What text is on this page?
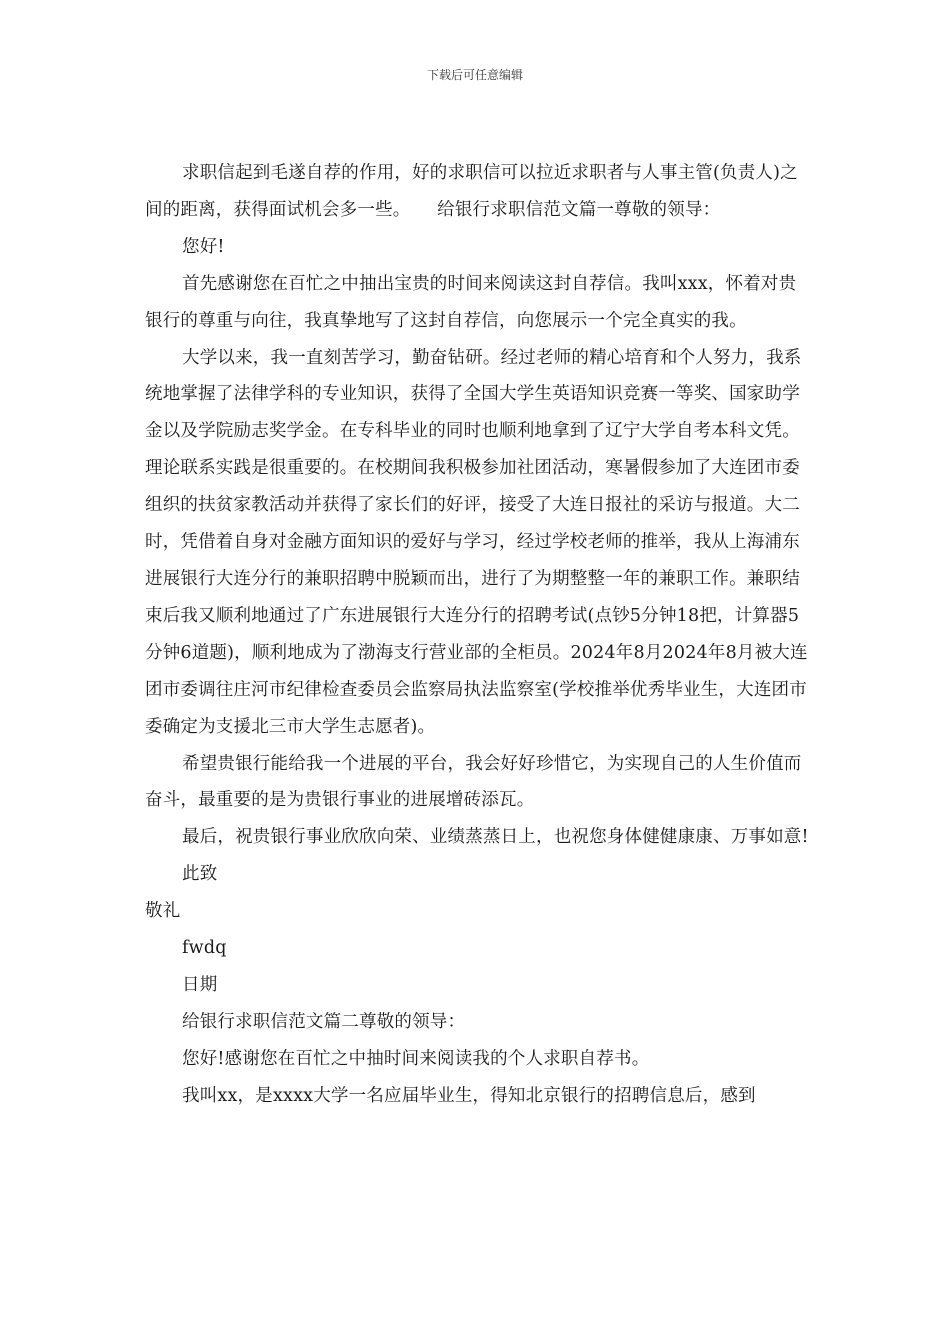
下载后可任意编辑

求职信起到毛遂自荐的作用，好的求职信可以拉近求职者与人事主管(负责人)之间的距离，获得面试机会多一些。　　给银行求职信范文篇一尊敬的领导：

您好!

首先感谢您在百忙之中抽出宝贵的时间来阅读这封自荐信。我叫xxx，怀着对贵银行的尊重与向往，我真挚地写了这封自荐信，向您展示一个完全真实的我。

大学以来，我一直刻苦学习，勤奋钻研。经过老师的精心培育和个人努力，我系统地掌握了法律学科的专业知识，获得了全国大学生英语知识竞赛一等奖、国家助学金以及学院励志奖学金。在专科毕业的同时也顺利地拿到了辽宁大学自考本科文凭。理论联系实践是很重要的。在校期间我积极参加社团活动，寒暑假参加了大连团市委组织的扶贫家教活动并获得了家长们的好评，接受了大连日报社的采访与报道。大二时，凭借着自身对金融方面知识的爱好与学习，经过学校老师的推举，我从上海浦东进展银行大连分行的兼职招聘中脱颖而出，进行了为期整整一年的兼职工作。兼职结束后我又顺利地通过了广东进展银行大连分行的招聘考试(点钞5分钟18把，计算器5分钟6道题)，顺利地成为了渤海支行营业部的全柜员。2024年8月2024年8月被大连团市委调往庄河市纪律检查委员会监察局执法监察室(学校推举优秀毕业生，大连团市委确定为支援北三市大学生志愿者)。

希望贵银行能给我一个进展的平台，我会好好珍惜它，为实现自己的人生价值而奋斗，最重要的是为贵银行事业的进展增砖添瓦。

最后，祝贵银行事业欣欣向荣、业绩蒸蒸日上，也祝您身体健健康康、万事如意!

此致

敬礼

fwdq

日期

给银行求职信范文篇二尊敬的领导：

您好!感谢您在百忙之中抽时间来阅读我的个人求职自荐书。

我叫xx，是xxxx大学一名应届毕业生，得知北京银行的招聘信息后，感到
